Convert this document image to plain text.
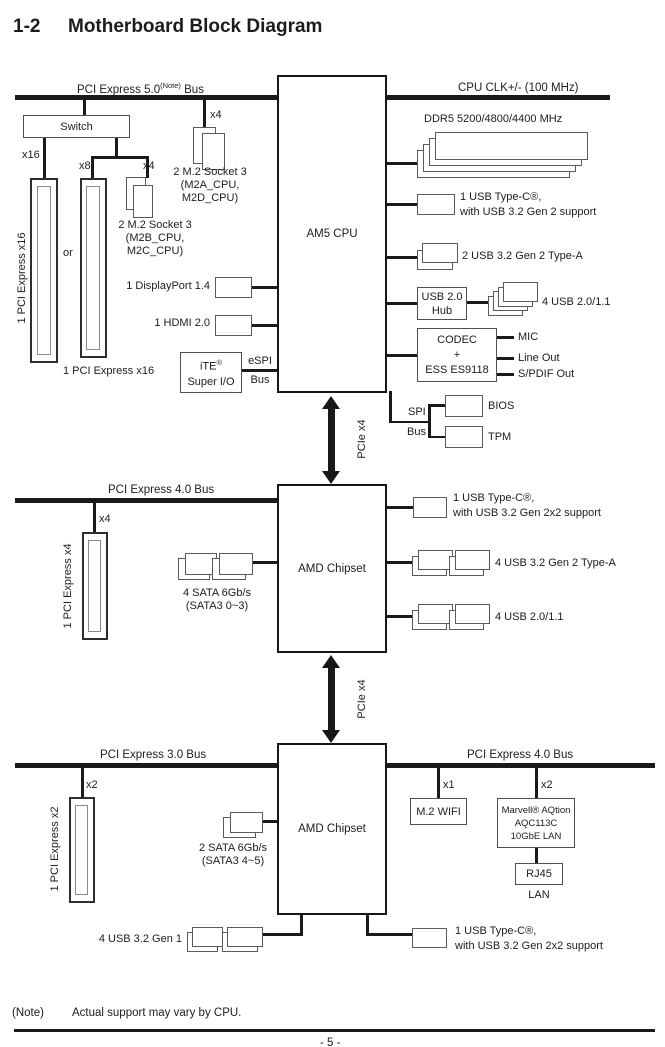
1-2 Motherboard Block Diagram
PCI Express $5.0^{(Note)}$ Bus	CPU CLK+/- (100 MHz)
Switch
x16
x8	x4
x4
1 PCI Express x16	or
1 PCI Express x16
2 M.2 Socket 3
(M2B_CPU, M2C_CPU)
2 M.2 Socket 3
(M2A_CPU, M2D_CPU)
AM5 CPU
1 DisplayPort 1.4
1 HDMI 2.0
iTE®
Super I/O
eSPI
Bus
DDR5 5200/4800/4400 MHz
1 USB Type-C®,
with USB 3.2 Gen 2 support
2 USB 3.2 Gen 2 Type-A
USB 2.0
Hub
4 USB 2.0/1.1
CODEC
+
ESS ES9118
MIC
Line Out
S/PDIF Out
SPI
Bus
BIOS
TPM
PCIe x4
AMD Chipset
PCI Express 4.0 Bus
x4
1 PCI Express x4	4 SATA 6Gb/s
(SATA3 0~3)
1 USB Type-C®,
with USB 3.2 Gen 2x2 support
4 USB 3.2 Gen 2 Type-A
4 USB 2.0/1.1
PCIe x4
AMD Chipset
PCI Express 3.0 Bus	PCI Express 4.0 Bus
x2
1 PCI Express x2	2 SATA 6Gb/s
(SATA3 4~5)
x1
M.2 WIFI
x2
Marvell® AQtion
AQC113C
10GbE LAN
RJ45
LAN
4 USB 3.2 Gen 1
1 USB Type-C®,
with USB 3.2 Gen 2x2 support
(Note) Actual support may vary by CPU.
- 5 -
